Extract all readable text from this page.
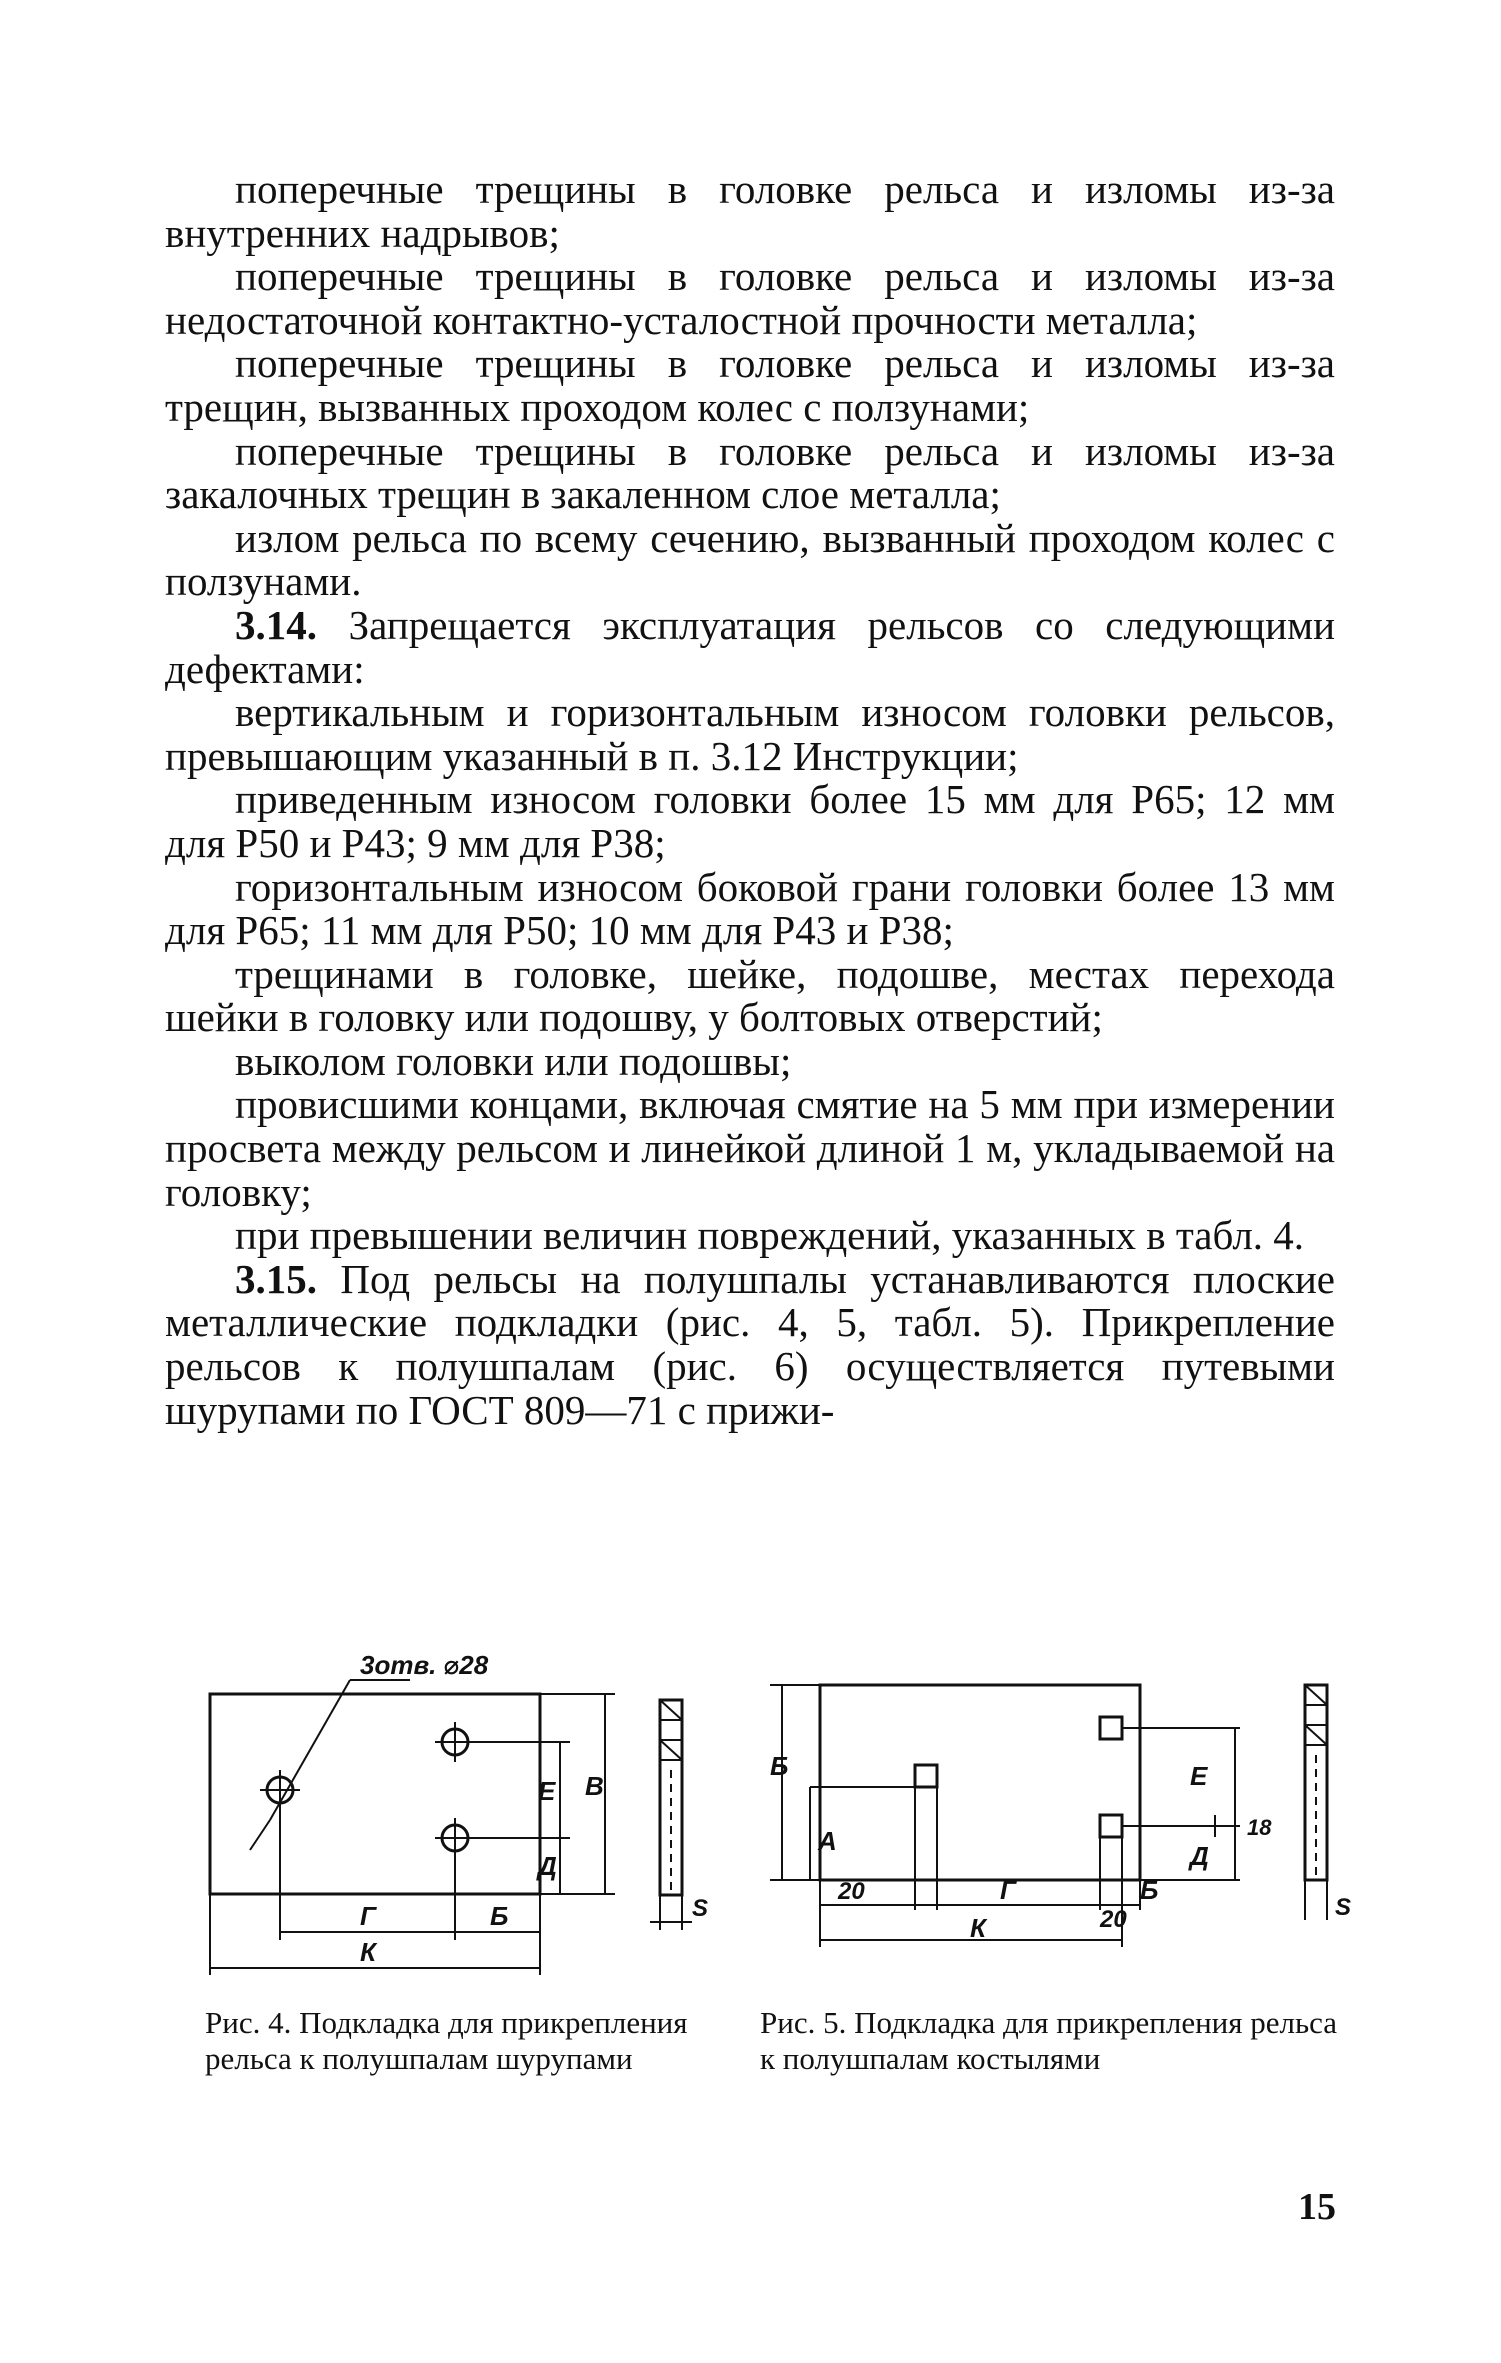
поперечные трещины в головке рельса и изломы из-за внутренних надрывов;

поперечные трещины в головке рельса и изломы из-за недостаточной контактно-усталостной прочности металла;

поперечные трещины в головке рельса и изломы из-за трещин, вызванных проходом колес с ползунами;

поперечные трещины в головке рельса и изломы из-за закалочных трещин в закаленном слое металла;

излом рельса по всему сечению, вызванный проходом колес с ползунами.

3.14. Запрещается эксплуатация рельсов со следующими дефектами:

вертикальным и горизонтальным износом головки рельсов, превышающим указанный в п. 3.12 Инструкции;

приведенным износом головки более 15 мм для Р65; 12 мм для Р50 и Р43; 9 мм для Р38;

горизонтальным износом боковой грани головки более 13 мм для Р65; 11 мм для Р50; 10 мм для Р43 и Р38;

трещинами в головке, шейке, подошве, местах перехода шейки в головку или подошву, у болтовых отверстий;

выколом головки или подошвы;

провисшими концами, включая смятие на 5 мм при измерении просвета между рельсом и линейкой длиной 1 м, укладываемой на головку;

при превышении величин повреждений, указанных в табл. 4.

3.15. Под рельсы на полушпалы устанавливаются плоские металлические подкладки (рис. 4, 5, табл. 5). Прикрепление рельсов к полушпалам (рис. 6) осуществляется путевыми шурупами по ГОСТ 809—71 с прижи-

3отв. ⌀28
Г	Б
К
В
Е
Д
S
Рис. 4. Подкладка для прикрепления рельса к полушпалам шурупами
Б
А
Е
Д
18
20	Г	Б
20
К
S
Рис. 5. Подкладка для прикрепления рельса к полушпалам костылями
15
